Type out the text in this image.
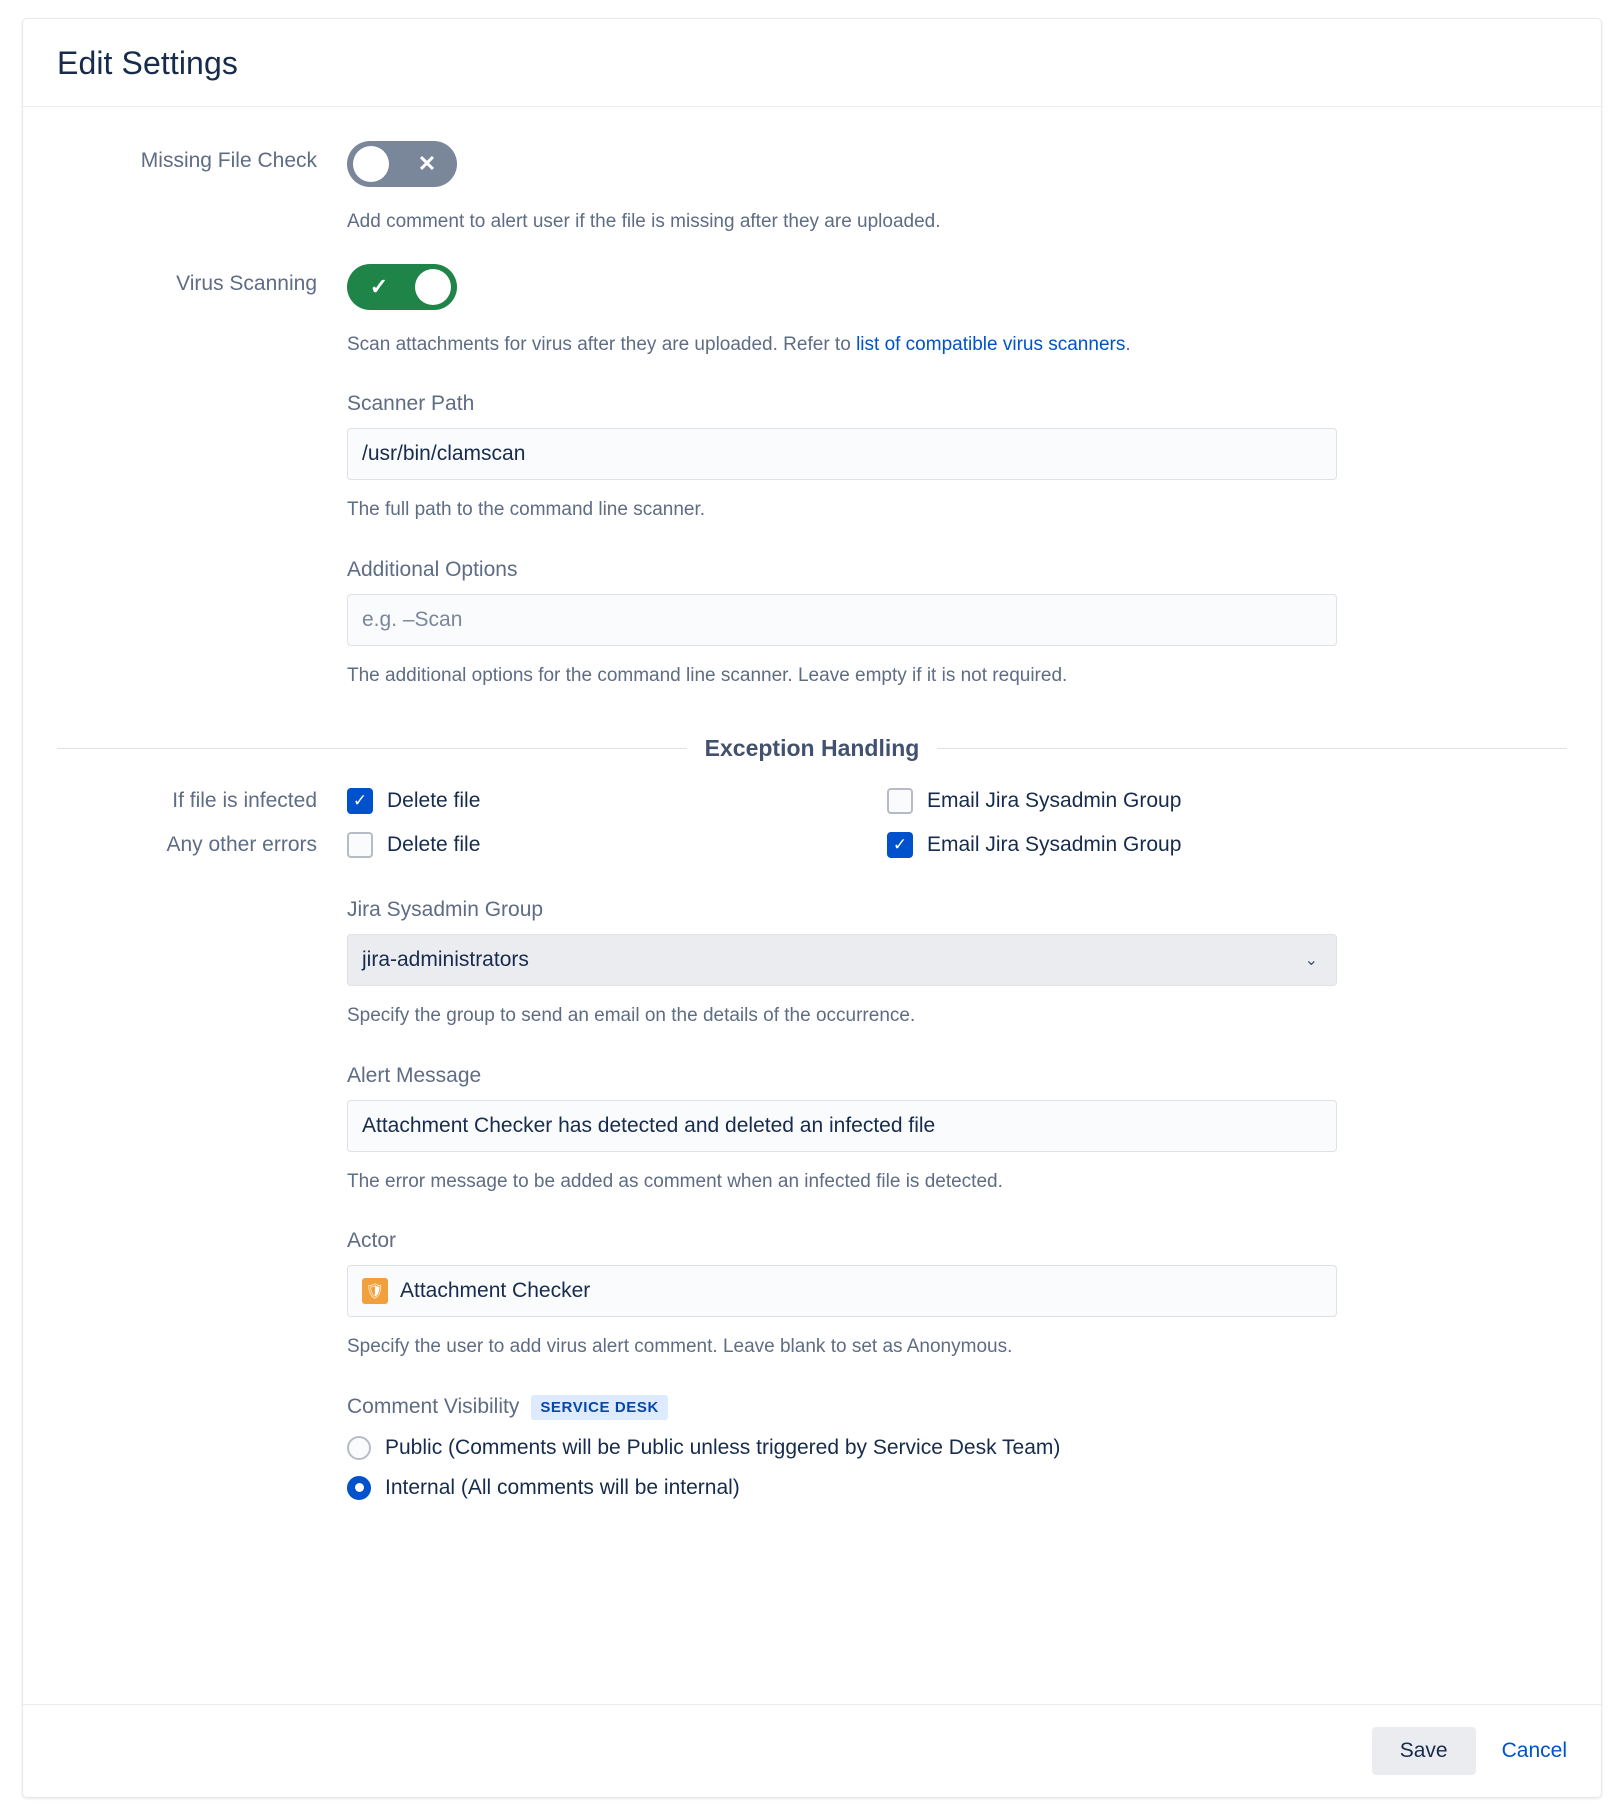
Edit Settings
Missing File Check	✕
Add comment to alert user if the file is missing after they are uploaded.
Virus Scanning	✓
Scan attachments for virus after they are uploaded. Refer to list of compatible virus scanners.
Scanner Path
/usr/bin/clamscan
The full path to the command line scanner.
Additional Options
e.g. –Scan
The additional options for the command line scanner. Leave empty if it is not required.
Exception Handling
If file is infected	✓ Delete file	Email Jira Sysadmin Group
Any other errors	Delete file	✓ Email Jira Sysadmin Group
Jira Sysadmin Group
jira-administrators	⌄
Specify the group to send an email on the details of the occurrence.
Alert Message
Attachment Checker has detected and deleted an infected file
The error message to be added as comment when an infected file is detected.
Actor
🛡 Attachment Checker
Specify the user to add virus alert comment. Leave blank to set as Anonymous.
Comment Visibility SERVICE DESK
Public (Comments will be Public unless triggered by Service Desk Team)
Internal (All comments will be internal)
Save	Cancel
